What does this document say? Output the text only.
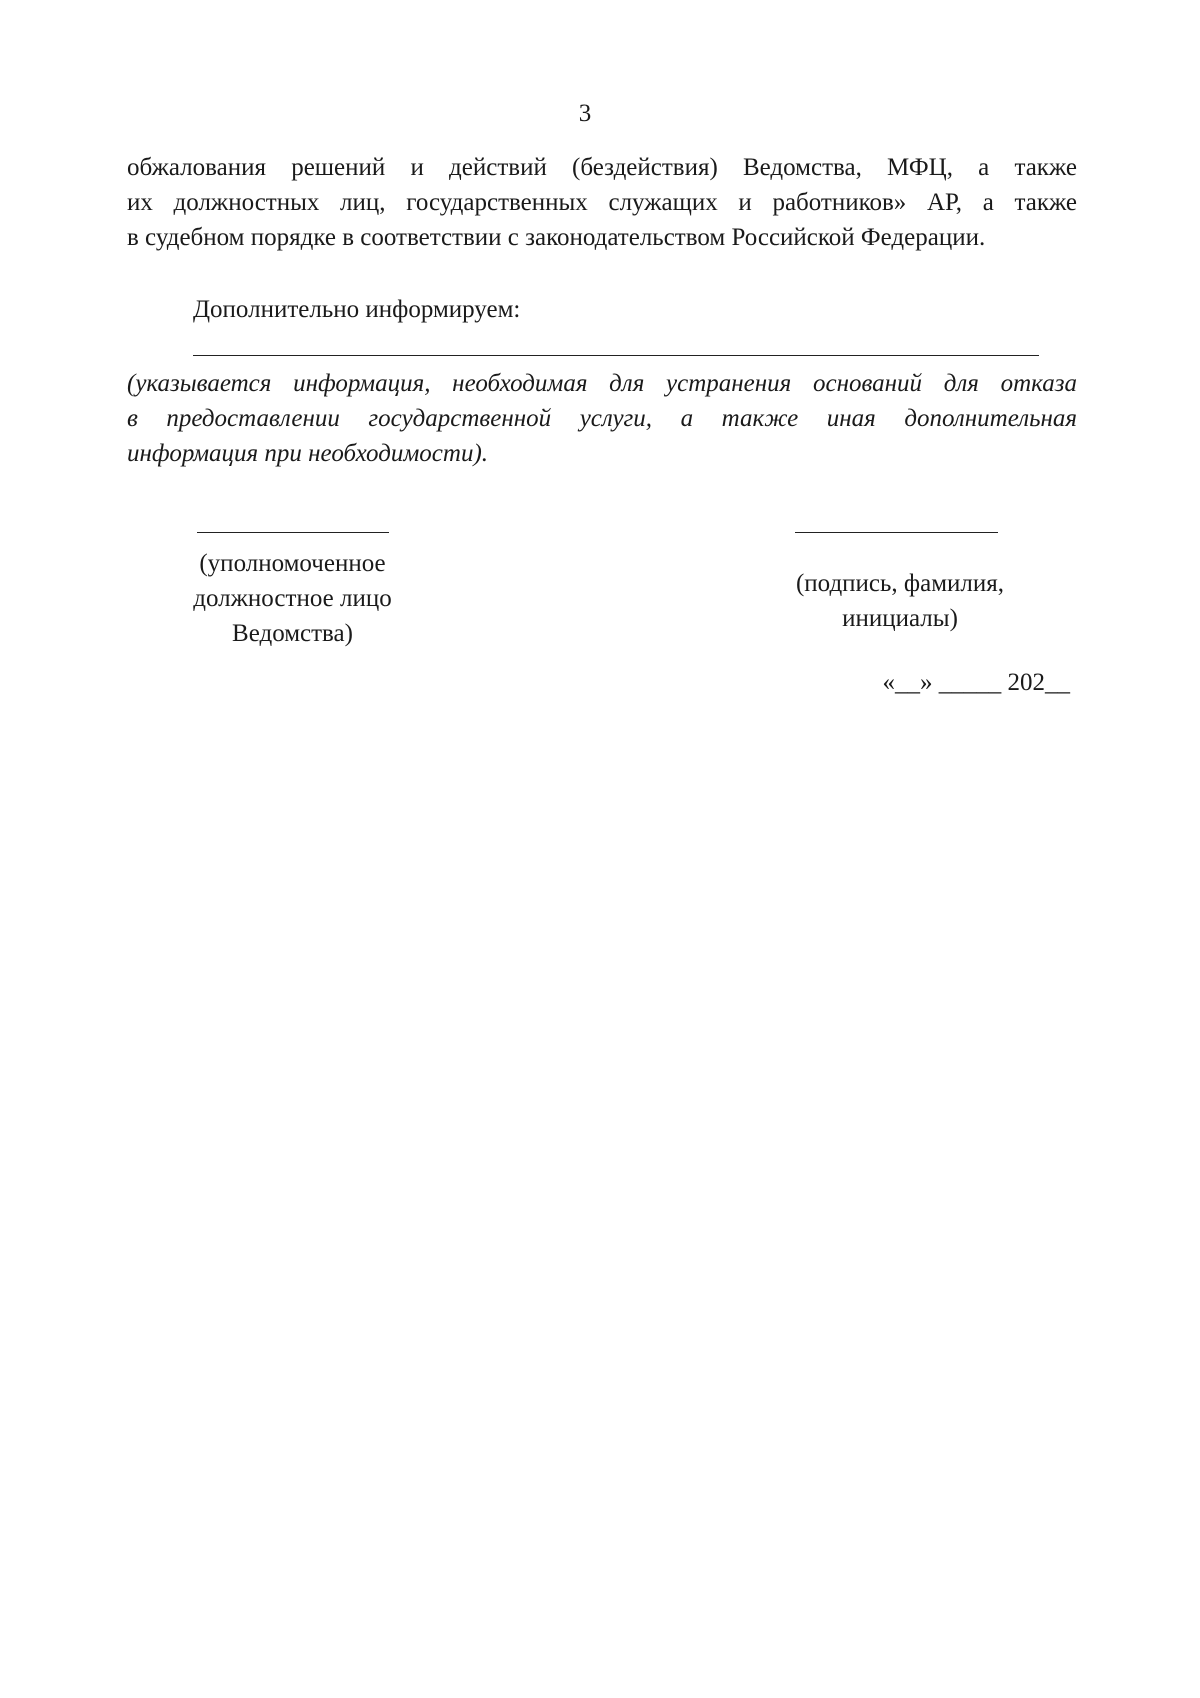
3
обжалования решений и действий (бездействия) Ведомства, МФЦ, а также
их должностных лиц, государственных служащих и работников» АР, а также
в судебном порядке в соответствии с законодательством Российской Федерации.
Дополнительно информируем:
(указывается информация, необходимая для устранения оснований для отказа
в предоставлении государственной услуги, а также иная дополнительная
информация при необходимости).
(уполномоченное
должностное лицо
Ведомства)
(подпись, фамилия,
инициалы)
«__» _____ 202__
